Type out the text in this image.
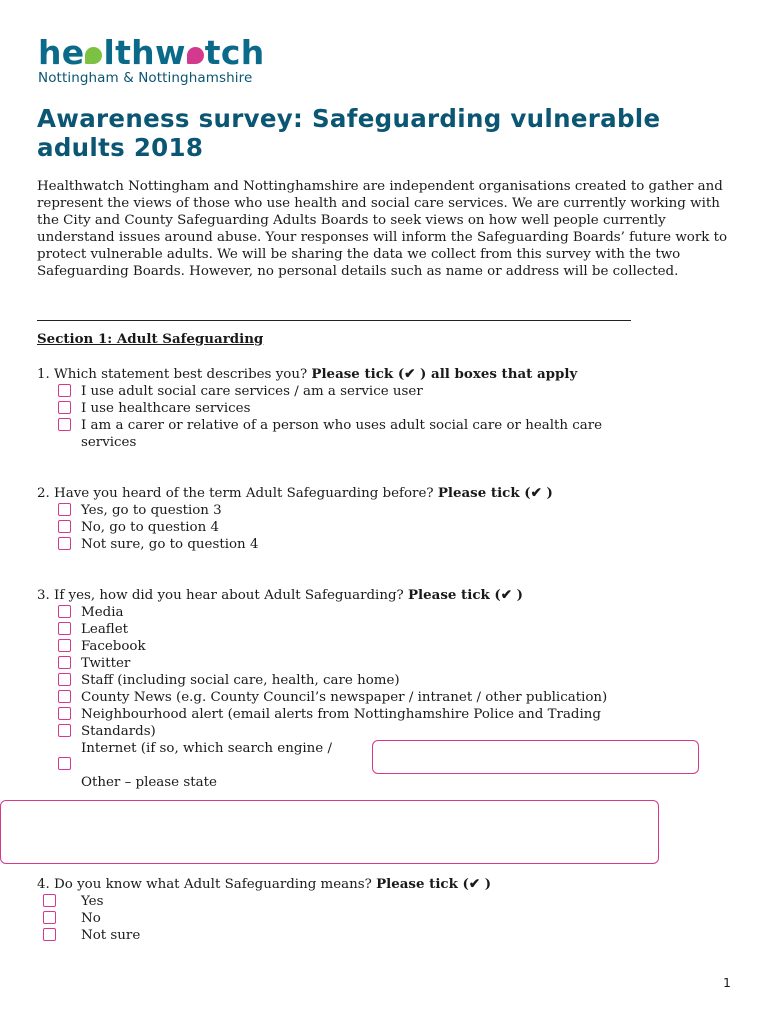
he lthw tch
Nottingham & Nottinghamshire
Awareness survey: Safeguarding vulnerable adults 2018
Healthwatch Nottingham and Nottinghamshire are independent organisations created to gather and represent the views of those who use health and social care services. We are currently working with the City and County Safeguarding Adults Boards to seek views on how well people currently understand issues around abuse. Your responses will inform the Safeguarding Boards’ future work to protect vulnerable adults. We will be sharing the data we collect from this survey with the two Safeguarding Boards. However, no personal details such as name or address will be collected.
Section 1: Adult Safeguarding
1. Which statement best describes you? Please tick (✔ ) all boxes that apply
I use adult social care services / am a service user
I use healthcare services
I am a carer or relative of a person who uses adult social care or health care
services
2. Have you heard of the term Adult Safeguarding before? Please tick (✔ )
Yes, go to question 3
No, go to question 4
Not sure, go to question 4
3. If yes, how did you hear about Adult Safeguarding? Please tick (✔ )
Media
Leaflet
Facebook
Twitter
Staff (including social care, health, care home)
County News (e.g. County Council’s newspaper / intranet / other publication)
Neighbourhood alert (email alerts from Nottinghamshire Police and Trading
Standards)
Internet (if so, which search engine /
Other – please state
4. Do you know what Adult Safeguarding means? Please tick (✔ )
Yes
No
Not sure
1
